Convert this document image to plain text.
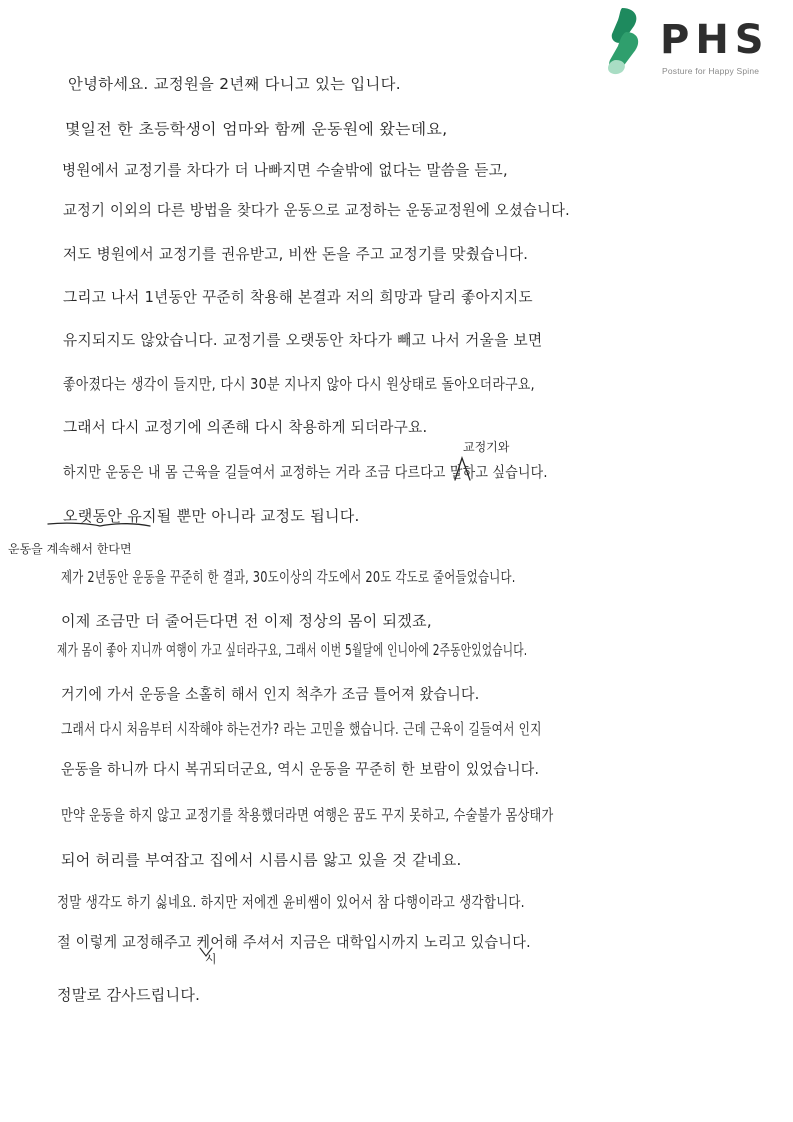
PHS
Posture for Happy Spine
안녕하세요. 교정원을 2년째 다니고 있는 입니다.
몇일전 한 초등학생이 엄마와 함께 운동원에 왔는데요,
병원에서 교정기를 차다가 더 나빠지면 수술밖에 없다는 말씀을 듣고,
교정기 이외의 다른 방법을 찾다가 운동으로 교정하는 운동교정원에 오셨습니다.
저도 병원에서 교정기를 권유받고, 비싼 돈을 주고 교정기를 맞췄습니다.
그리고 나서 1년동안 꾸준히 착용해 본결과 저의 희망과 달리 좋아지지도
유지되지도 않았습니다. 교정기를 오랫동안 차다가 빼고 나서 거울을 보면
좋아졌다는 생각이 들지만, 다시 30분 지나지 않아 다시 원상태로 돌아오더라구요,
그래서 다시 교정기에 의존해 다시 착용하게 되더라구요.
교정기와
하지만 운동은 내 몸 근육을 길들여서 교정하는 거라 조금 다르다고 말하고 싶습니다.
오랫동안 유지될 뿐만 아니라 교정도 됩니다.
운동을 계속해서 한다면
제가 2년동안 운동을 꾸준히 한 결과, 30도이상의 각도에서 20도 각도로 줄어들었습니다.
이제 조금만 더 줄어든다면 전 이제 정상의 몸이 되겠죠,
제가 몸이 좋아 지니까 여행이 가고 싶더라구요, 그래서 이번 5월달에 인니아에 2주동안있었습니다.
거기에 가서 운동을 소홀히 해서 인지 척추가 조금 틀어져 왔습니다.
그래서 다시 처음부터 시작해야 하는건가? 라는 고민을 했습니다. 근데 근육이 길들여서 인지
운동을 하니까 다시 복귀되더군요, 역시 운동을 꾸준히 한 보람이 있었습니다.
만약 운동을 하지 않고 교정기를 착용했더라면 여행은 꿈도 꾸지 못하고, 수술불가 몸상태가
되어 허리를 부여잡고 집에서 시름시름 앓고 있을 것 같네요.
정말 생각도 하기 싫네요. 하지만 저에겐 윤비쌤이 있어서 참 다행이라고 생각합니다.
절 이렇게 교정해주고 케어해 주셔서 지금은 대학입시까지 노리고 있습니다.
시
정말로 감사드립니다.
